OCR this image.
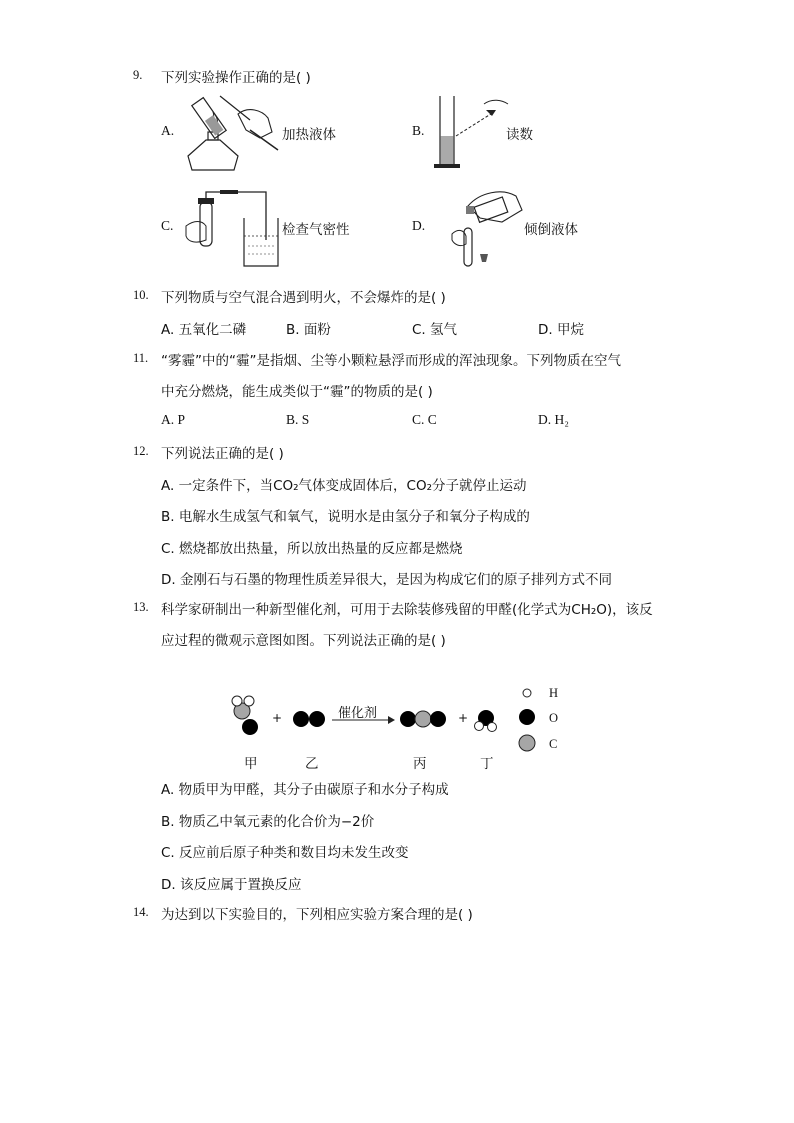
9. 下列实验操作正确的是( )
A.	加热液体	B.	读数
C.	检查气密性	D.	倾倒液体
10. 下列物质与空气混合遇到明火，不会爆炸的是( )
A. 五氧化二磷	B. 面粉	C. 氢气	D. 甲烷
11. “雾霾”中的“霾”是指烟、尘等小颗粒悬浮而形成的浑浊现象。下列物质在空气
中充分燃烧，能生成类似于“霾”的物质的是( )
A. P	B. S	C. C	D. H₂
12. 下列说法正确的是( )
A. 一定条件下，当CO₂气体变成固体后，CO₂分子就停止运动
B. 电解水生成氢气和氧气，说明水是由氢分子和氧分子构成的
C. 燃烧都放出热量，所以放出热量的反应都是燃烧
D. 金刚石与石墨的物理性质差异很大，是因为构成它们的原子排列方式不同
13. 科学家研制出一种新型催化剂，可用于去除装修残留的甲醛(化学式为CH₂O)，该反
应过程的微观示意图如图。下列说法正确的是( )
+	+
催化剂
甲	乙	丙	丁
H
O
C
A. 物质甲为甲醛，其分子由碳原子和水分子构成
B. 物质乙中氧元素的化合价为−2价
C. 反应前后原子种类和数目均未发生改变
D. 该反应属于置换反应
14. 为达到以下实验目的，下列相应实验方案合理的是( )
